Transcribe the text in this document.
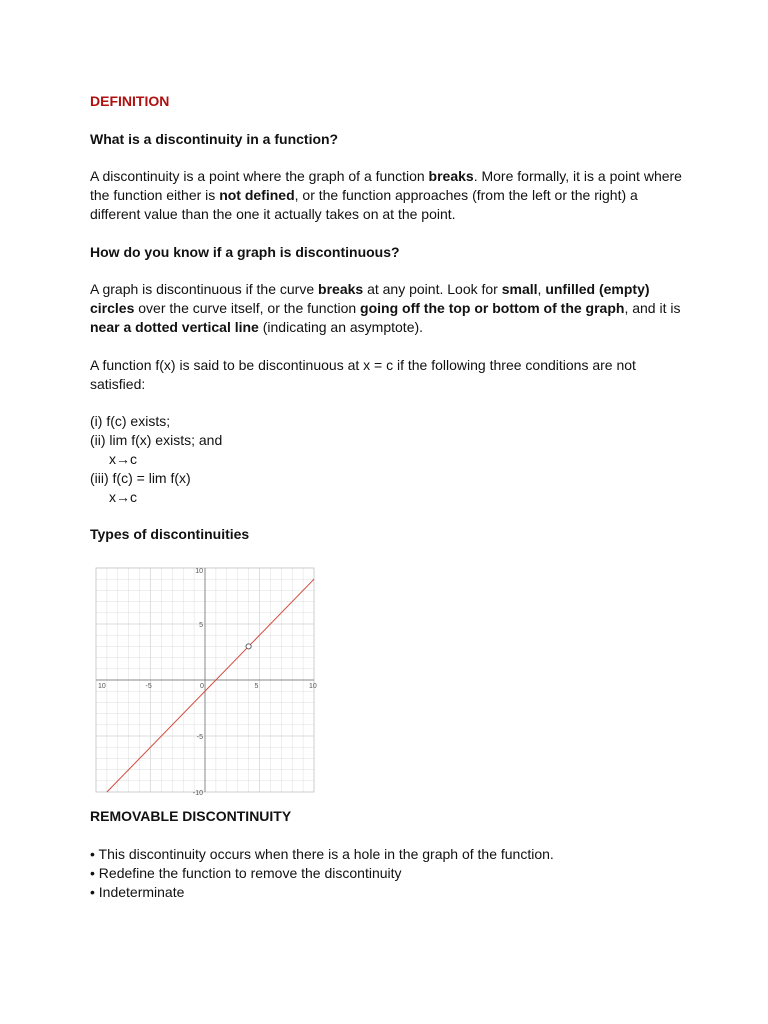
DEFINITION

What is a discontinuity in a function?

A discontinuity is a point where the graph of a function breaks. More formally, it is a point where the function either is not defined, or the function approaches (from the left or the right) a different value than the one it actually takes on at the point.

How do you know if a graph is discontinuous?

A graph is discontinuous if the curve breaks at any point. Look for small, unfilled (empty) circles over the curve itself, or the function going off the top or bottom of the graph, and it is near a dotted vertical line (indicating an asymptote).

A function f(x) is said to be discontinuous at x = c if the following three conditions are not satisfied:

(i) f(c) exists;
(ii) lim f(x) exists; and
x→c
(iii) f(c) = lim f(x)
x→c

Types of discontinuities

10	-5	0	5	10
10
5
-5
-10

REMOVABLE DISCONTINUITY

• This discontinuity occurs when there is a hole in the graph of the function.
• Redefine the function to remove the discontinuity
• Indeterminate
